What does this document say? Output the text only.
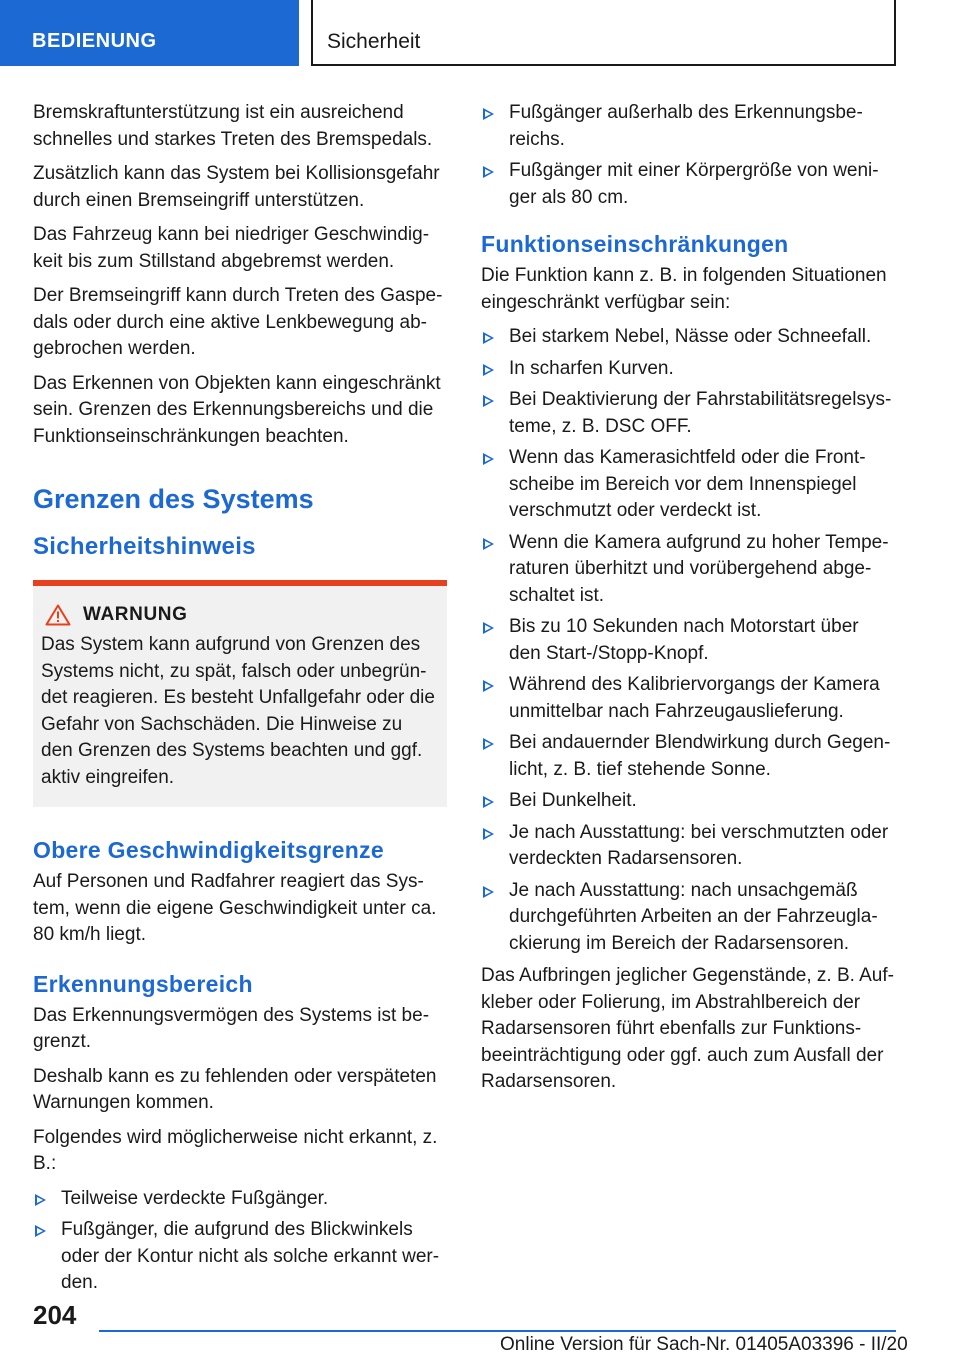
BEDIENUNG	Sicherheit

Bremskraftunterstützung ist ein ausreichend schnelles und starkes Treten des Bremspedals.

Zusätzlich kann das System bei Kollisionsgefahr durch einen Bremseingriff unterstützen.

Das Fahrzeug kann bei niedriger Geschwindigkeit bis zum Stillstand abgebremst werden.

Der Bremseingriff kann durch Treten des Gaspedals oder durch eine aktive Lenkbewegung abgebrochen werden.

Das Erkennen von Objekten kann eingeschränkt sein. Grenzen des Erkennungsbereichs und die Funktionseinschränkungen beachten.

Grenzen des Systems
Sicherheitshinweis
WARNUNG

Das System kann aufgrund von Grenzen des Systems nicht, zu spät, falsch oder unbegründet reagieren. Es besteht Unfallgefahr oder die Gefahr von Sachschäden. Die Hinweise zu den Grenzen des Systems beachten und ggf. aktiv eingreifen.

Obere Geschwindigkeitsgrenze

Auf Personen und Radfahrer reagiert das System, wenn die eigene Geschwindigkeit unter ca. 80 km/h liegt.

Erkennungsbereich

Das Erkennungsvermögen des Systems ist begrenzt.

Deshalb kann es zu fehlenden oder verspäteten Warnungen kommen.

Folgendes wird möglicherweise nicht erkannt, z. B.:

Teilweise verdeckte Fußgänger.
Fußgänger, die aufgrund des Blickwinkels oder der Kontur nicht als solche erkannt werden.
Fußgänger außerhalb des Erkennungsbereichs.
Fußgänger mit einer Körpergröße von weniger als 80 cm.
Funktionseinschränkungen

Die Funktion kann z. B. in folgenden Situationen eingeschränkt verfügbar sein:

Bei starkem Nebel, Nässe oder Schneefall.
In scharfen Kurven.
Bei Deaktivierung der Fahrstabilitätsregelsysteme, z. B. DSC OFF.
Wenn das Kamerasichtfeld oder die Frontscheibe im Bereich vor dem Innenspiegel verschmutzt oder verdeckt ist.
Wenn die Kamera aufgrund zu hoher Temperaturen überhitzt und vorübergehend abgeschaltet ist.
Bis zu 10 Sekunden nach Motorstart über den Start-/Stopp-Knopf.
Während des Kalibriervorgangs der Kamera unmittelbar nach Fahrzeugauslieferung.
Bei andauernder Blendwirkung durch Gegenlicht, z. B. tief stehende Sonne.
Bei Dunkelheit.
Je nach Ausstattung: bei verschmutzten oder verdeckten Radarsensoren.
Je nach Ausstattung: nach unsachgemäß durchgeführten Arbeiten an der Fahrzeuglackierung im Bereich der Radarsensoren.

Das Aufbringen jeglicher Gegenstände, z. B. Aufkleber oder Folierung, im Abstrahlbereich der Radarsensoren führt ebenfalls zur Funktionsbeeinträchtigung oder ggf. auch zum Ausfall der Radarsensoren.

204
Online Version für Sach-Nr. 01405A03396 - II/20
